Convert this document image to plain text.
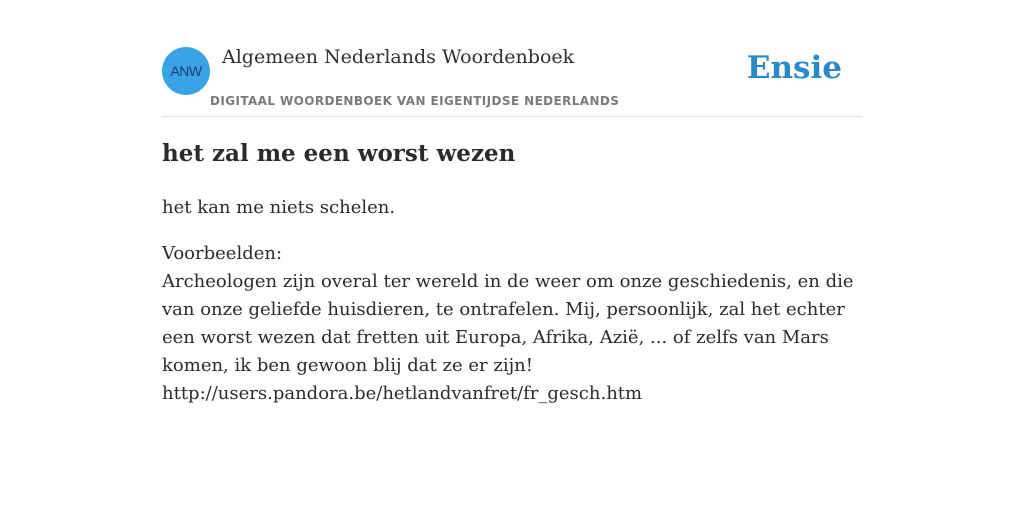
ANW
Algemeen Nederlands Woordenboek
DIGITAAL WOORDENBOEK VAN EIGENTIJDSE NEDERLANDS
Ensie
het zal me een worst wezen

het kan me niets schelen.

Voorbeelden:
Archeologen zijn overal ter wereld in de weer om onze geschiedenis, en die van onze geliefde huisdieren, te ontrafelen. Mij, persoonlijk, zal het echter een worst wezen dat fretten uit Europa, Afrika, Azië, ... of zelfs van Mars komen, ik ben gewoon blij dat ze er zijn!
http://users.pandora.be/hetlandvanfret/fr_gesch.htm
